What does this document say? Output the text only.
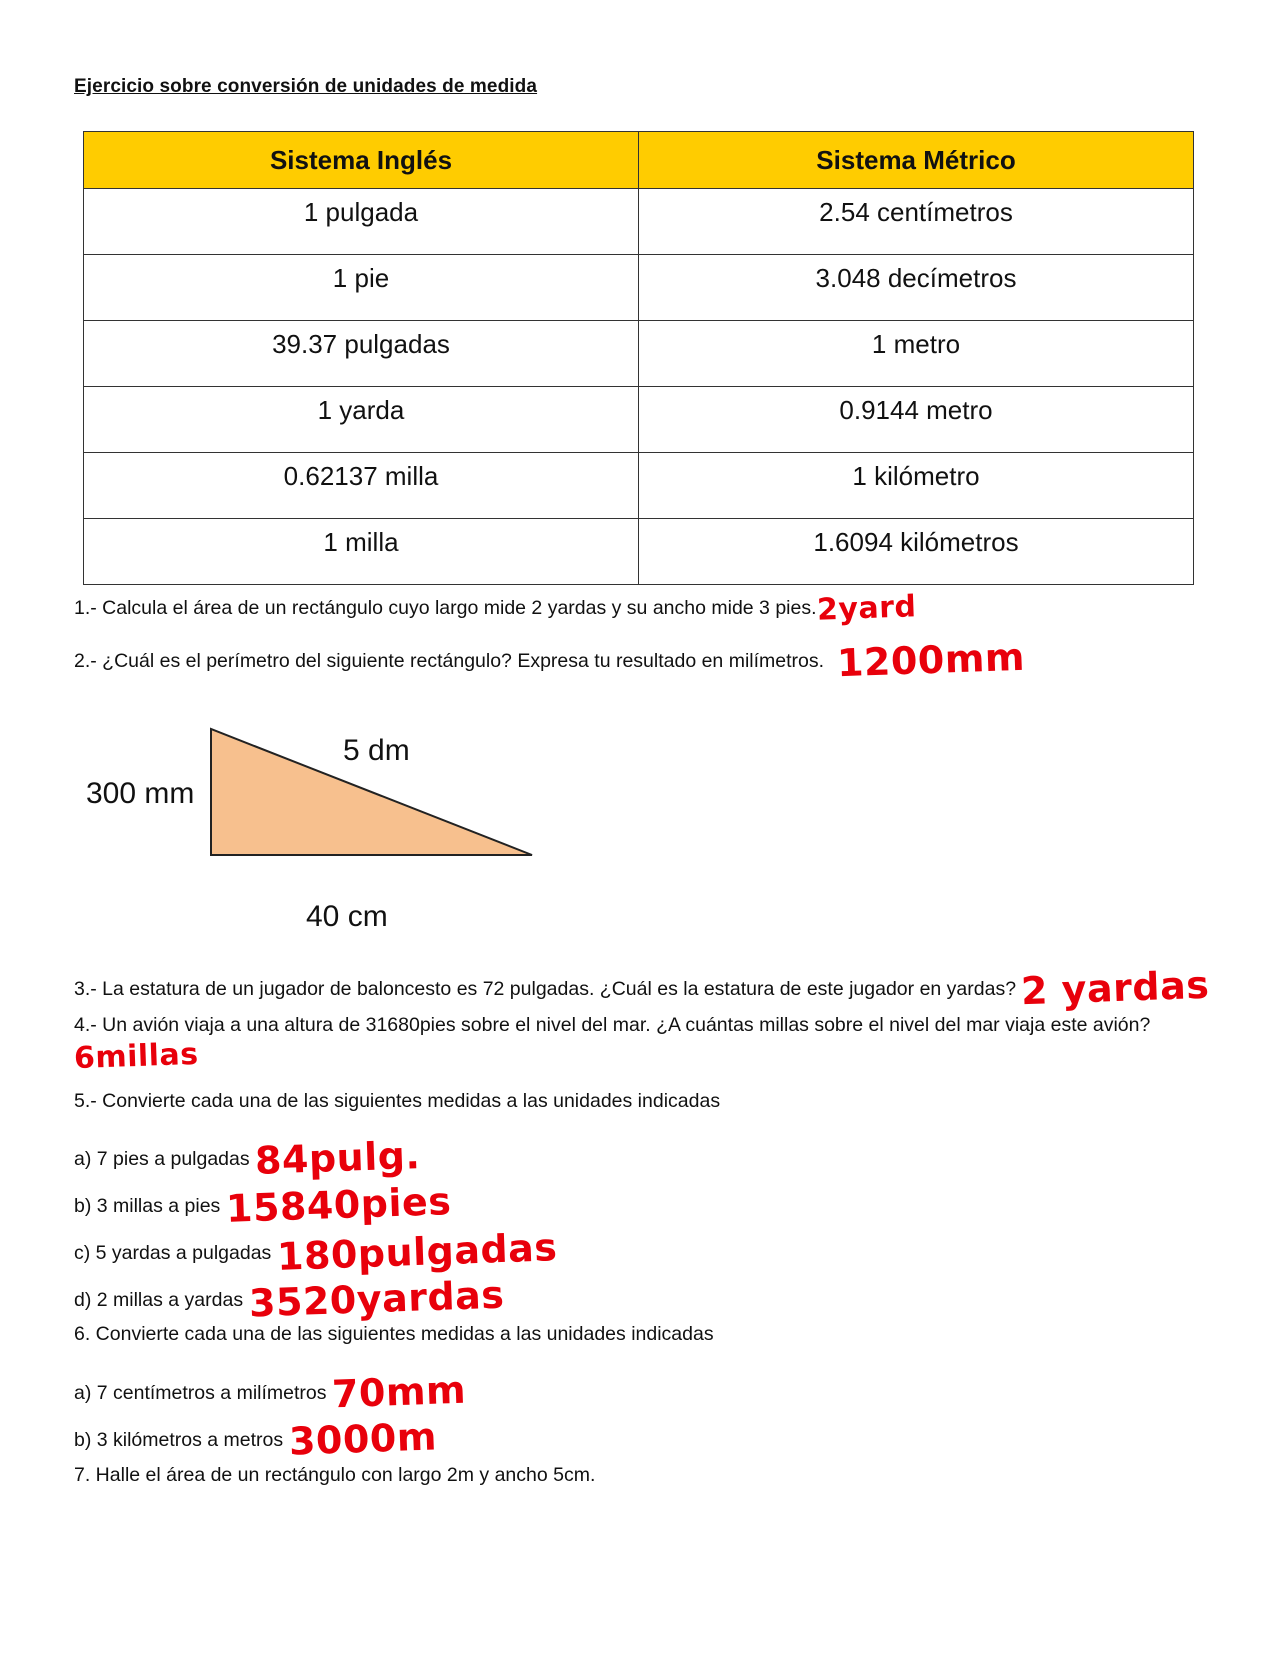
Ejercicio sobre conversión de unidades de medida
Sistema Inglés	Sistema Métrico
1 pulgada	2.54 centímetros
1 pie	3.048 decímetros
39.37 pulgadas	1 metro
1 yarda	0.9144 metro
0.62137 milla	1 kilómetro
1 milla	1.6094 kilómetros
1.- Calcula el área de un rectángulo cuyo largo mide 2 yardas y su ancho mide 3 pies.2yard
2.- ¿Cuál es el perímetro del siguiente rectángulo? Expresa tu resultado en milímetros. 1200mm
5 dm
300 mm
40 cm
3.- La estatura de un jugador de baloncesto es 72 pulgadas. ¿Cuál es la estatura de este jugador en yardas? 2 yardas
4.- Un avión viaja a una altura de 31680pies sobre el nivel del mar. ¿A cuántas millas sobre el nivel del mar viaja este avión?6millas
5.- Convierte cada una de las siguientes medidas a las unidades indicadas
a) 7 pies a pulgadas 84pulg.
b) 3 millas a pies 15840pies
c) 5 yardas a pulgadas 180pulgadas
d) 2 millas a yardas 3520yardas
6. Convierte cada una de las siguientes medidas a las unidades indicadas
a) 7 centímetros a milímetros 70mm
b) 3 kilómetros a metros 3000m
7. Halle el área de un rectángulo con largo 2m y ancho 5cm.
